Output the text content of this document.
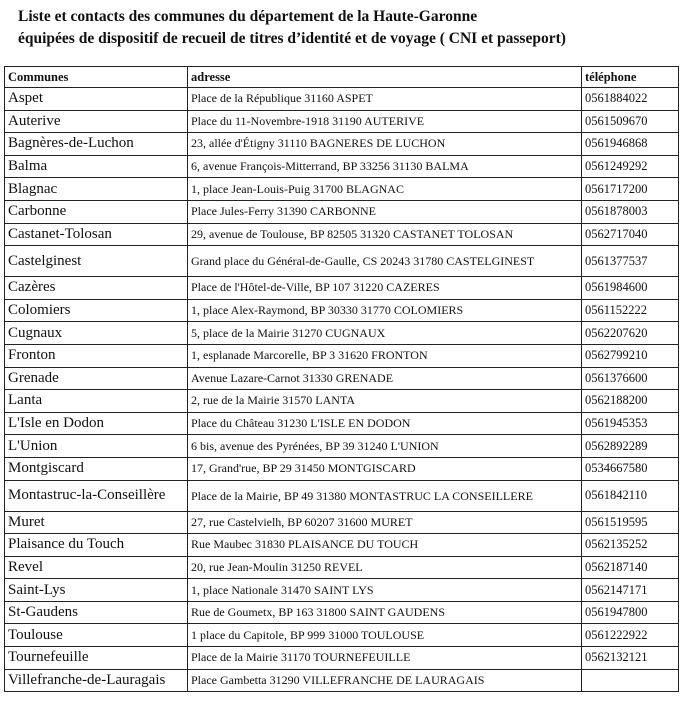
Liste et contacts des communes du département de la Haute-Garonne
équipées de dispositif de recueil de titres d’identité et de voyage ( CNI et passeport)
Communes	adresse	téléphone
Aspet	Place de la République 31160 ASPET	0561884022
Auterive	Place du 11-Novembre-1918 31190 AUTERIVE	0561509670
Bagnères-de-Luchon	23, allée d'Étigny 31110 BAGNERES DE LUCHON	0561946868
Balma	6, avenue François-Mitterrand, BP 33256 31130 BALMA	0561249292
Blagnac	1, place Jean-Louis-Puig 31700 BLAGNAC	0561717200
Carbonne	Place Jules-Ferry 31390 CARBONNE	0561878003
Castanet-Tolosan	29, avenue de Toulouse, BP 82505 31320 CASTANET TOLOSAN	0562717040
Castelginest	Grand place du Général-de-Gaulle, CS 20243 31780 CASTELGINEST	0561377537
Cazères	Place de l'Hôtel-de-Ville, BP 107 31220 CAZERES	0561984600
Colomiers	1, place Alex-Raymond, BP 30330 31770 COLOMIERS	0561152222
Cugnaux	5, place de la Mairie 31270 CUGNAUX	0562207620
Fronton	1, esplanade Marcorelle, BP 3 31620 FRONTON	0562799210
Grenade	Avenue Lazare-Carnot 31330 GRENADE	0561376600
Lanta	2, rue de la Mairie 31570 LANTA	0562188200
L'Isle en Dodon	Place du Château 31230 L'ISLE EN DODON	0561945353
L'Union	6 bis, avenue des Pyrénées, BP 39 31240 L'UNION	0562892289
Montgiscard	17, Grand'rue, BP 29 31450 MONTGISCARD	0534667580
Montastruc-la-Conseillère	Place de la Mairie, BP 49 31380 MONTASTRUC LA CONSEILLERE	0561842110
Muret	27, rue Castelvielh, BP 60207 31600 MURET	0561519595
Plaisance du Touch	Rue Maubec 31830 PLAISANCE DU TOUCH	0562135252
Revel	20, rue Jean-Moulin 31250 REVEL	0562187140
Saint-Lys	1, place Nationale 31470 SAINT LYS	0562147171
St-Gaudens	Rue de Goumetx, BP 163 31800 SAINT GAUDENS	0561947800
Toulouse	1 place du Capitole, BP 999 31000 TOULOUSE	0561222922
Tournefeuille	Place de la Mairie 31170 TOURNEFEUILLE	0562132121
Villefranche-de-Lauragais	Place Gambetta 31290 VILLEFRANCHE DE LAURAGAIS	
